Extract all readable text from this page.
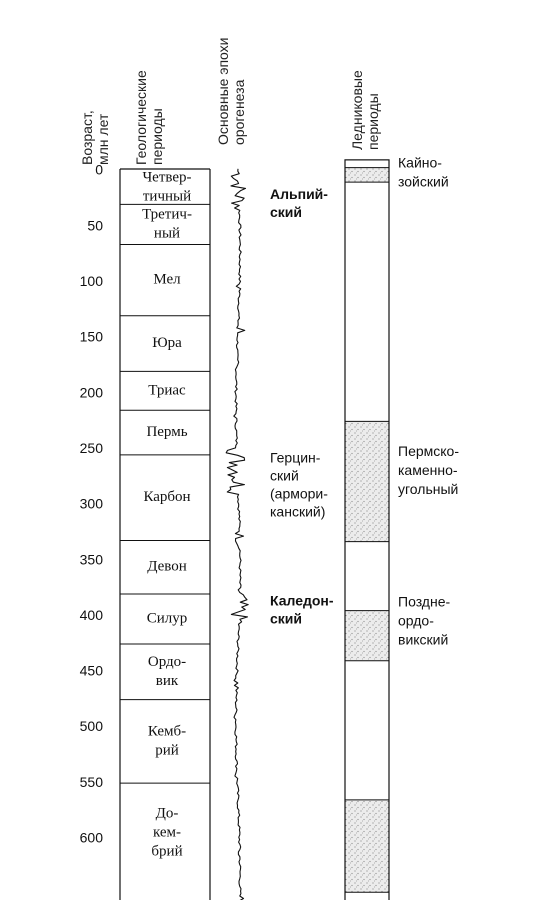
Возраст, млн лет Геологические периоды	Основные эпохи орогенеза	Ледниковые периоды
0
50
100
150
200
250
300
350
400
450
500
550
600
Четвер-
тичный
Третич-
ный
Мел
Юра
Триас
Пермь
Карбон
Девон
Силур
Ордо-
вик
Кемб-
рий
До-
кем-
брий
Альпий-
ский
Герцин-
ский
(армори-
канский)
Каледон-
ский
Кайно-
зойский
Пермско-
каменно-
угольный
Поздне-
ордо-
викский
